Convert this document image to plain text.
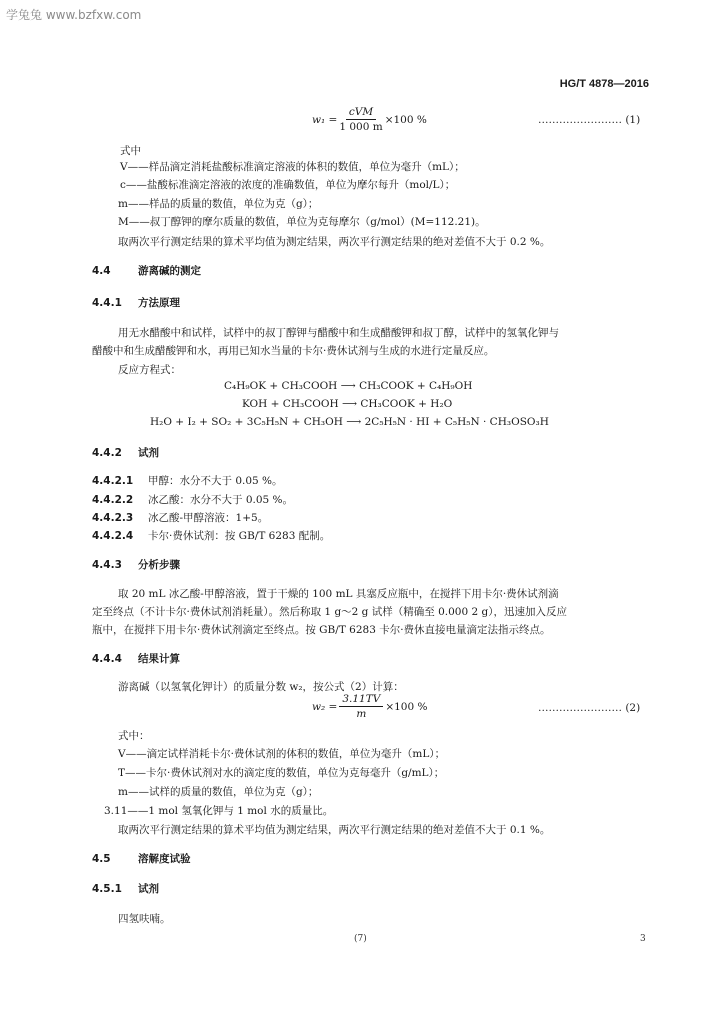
学兔兔 www.bzfxw.com
HG/T 4878—2016
$w_1 = \frac{\text{cVM}}{1 000 m} \times 100$ %	…………………… (1)
式中
V——样品滴定消耗盐酸标准滴定溶液的体积的数值，单位为毫升（mL）；
c——盐酸标准滴定溶液的浓度的准确数值，单位为摩尔每升（mol/L）；
m——样品的质量的数值，单位为克（g）；
M——叔丁醇钾的摩尔质量的数值，单位为克每摩尔（g/mol）(M=112.21)。
取两次平行测定结果的算术平均值为测定结果，两次平行测定结果的绝对差值不大于 0.2 %。
4.4	游离碱的测定
4.4.1 方法原理
用无水醋酸中和试样，试样中的叔丁醇钾与醋酸中和生成醋酸钾和叔丁醇，试样中的氢氧化钾与
醋酸中和生成醋酸钾和水，再用已知水当量的卡尔·费休试剂与生成的水进行定量反应。
反应方程式：
C₄H₉OK + CH₃COOH ⟶ CH₃COOK + C₄H₉OH
KOH + CH₃COOH ⟶ CH₃COOK + H₂O
H₂O + I₂ + SO₂ + 3C₅H₅N + CH₃OH ⟶ 2C₅H₅N · HI + C₅H₅N · CH₃OSO₃H
4.4.2 试剂
4.4.2.1 甲醇：水分不大于 0.05 %。
4.4.2.2 冰乙酸：水分不大于 0.05 %。
4.4.2.3 冰乙酸-甲醇溶液：1+5。
4.4.2.4 卡尔·费休试剂：按 GB/T 6283 配制。
4.4.3 分析步骤
取 20 mL 冰乙酸-甲醇溶液，置于干燥的 100 mL 具塞反应瓶中，在搅拌下用卡尔·费休试剂滴
定至终点（不计卡尔·费休试剂消耗量）。然后称取 1 g～2 g 试样（精确至 0.000 2 g），迅速加入反应
瓶中，在搅拌下用卡尔·费休试剂滴定至终点。按 GB/T 6283 卡尔·费休直接电量滴定法指示终点。
4.4.4 结果计算
游离碱（以氢氧化钾计）的质量分数 w₂，按公式（2）计算：
$w_2 = \frac{3.11TV}{m} \times 100$ %	…………………… (2)
式中：
V——滴定试样消耗卡尔·费休试剂的体积的数值，单位为毫升（mL）；
T——卡尔·费休试剂对水的滴定度的数值，单位为克每毫升（g/mL）；
m——试样的质量的数值，单位为克（g）；
3.11——1 mol 氢氧化钾与 1 mol 水的质量比。
取两次平行测定结果的算术平均值为测定结果，两次平行测定结果的绝对差值不大于 0.1 %。
4.5	溶解度试验
4.5.1 试剂
四氢呋喃。
(7)	3
